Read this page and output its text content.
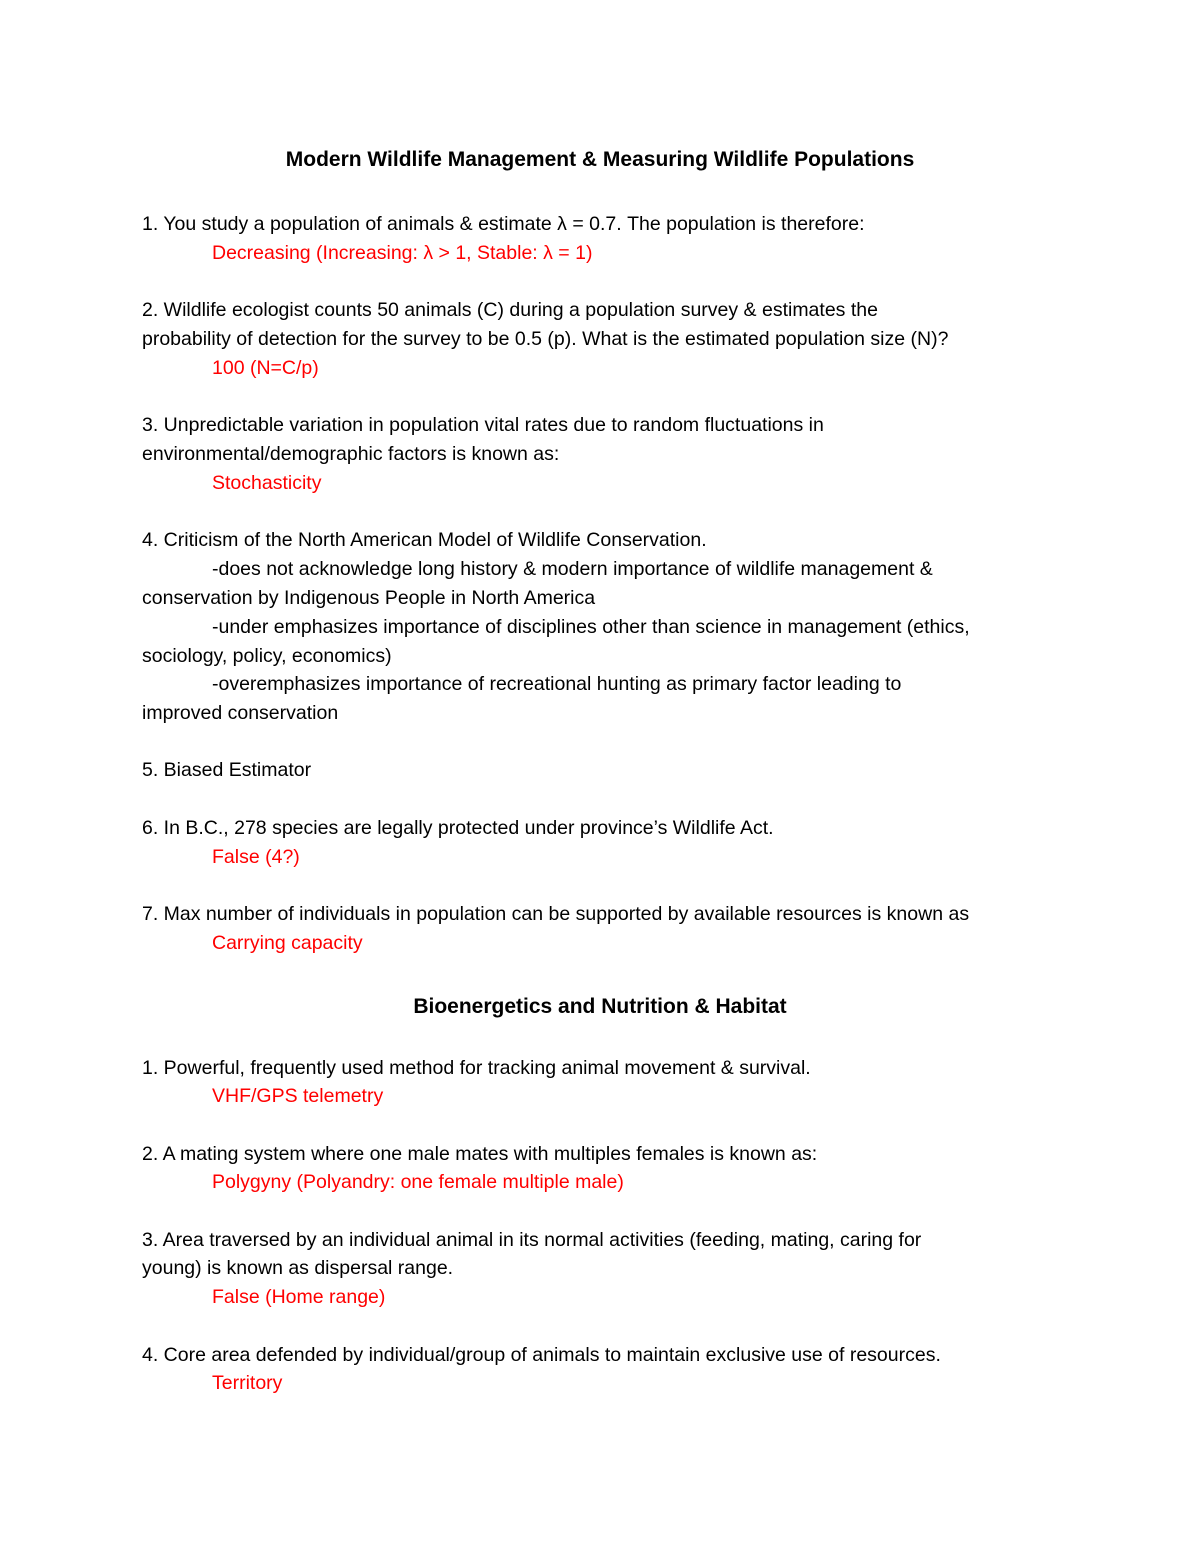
Modern Wildlife Management & Measuring Wildlife Populations
1. You study a population of animals & estimate λ = 0.7. The population is therefore:
Decreasing (Increasing: λ > 1, Stable: λ = 1)
2. Wildlife ecologist counts 50 animals (C) during a population survey & estimates the
probability of detection for the survey to be 0.5 (p). What is the estimated population size (N)?
100 (N=C/p)
3. Unpredictable variation in population vital rates due to random fluctuations in
environmental/demographic factors is known as:
Stochasticity
4. Criticism of the North American Model of Wildlife Conservation.
-does not acknowledge long history & modern importance of wildlife management &
conservation by Indigenous People in North America
-under emphasizes importance of disciplines other than science in management (ethics,
sociology, policy, economics)
-overemphasizes importance of recreational hunting as primary factor leading to
improved conservation
5. Biased Estimator
6. In B.C., 278 species are legally protected under province’s Wildlife Act.
False (4?)
7. Max number of individuals in population can be supported by available resources is known as
Carrying capacity
Bioenergetics and Nutrition & Habitat
1. Powerful, frequently used method for tracking animal movement & survival.
VHF/GPS telemetry
2. A mating system where one male mates with multiples females is known as:
Polygyny (Polyandry: one female multiple male)
3. Area traversed by an individual animal in its normal activities (feeding, mating, caring for
young) is known as dispersal range.
False (Home range)
4. Core area defended by individual/group of animals to maintain exclusive use of resources.
Territory
